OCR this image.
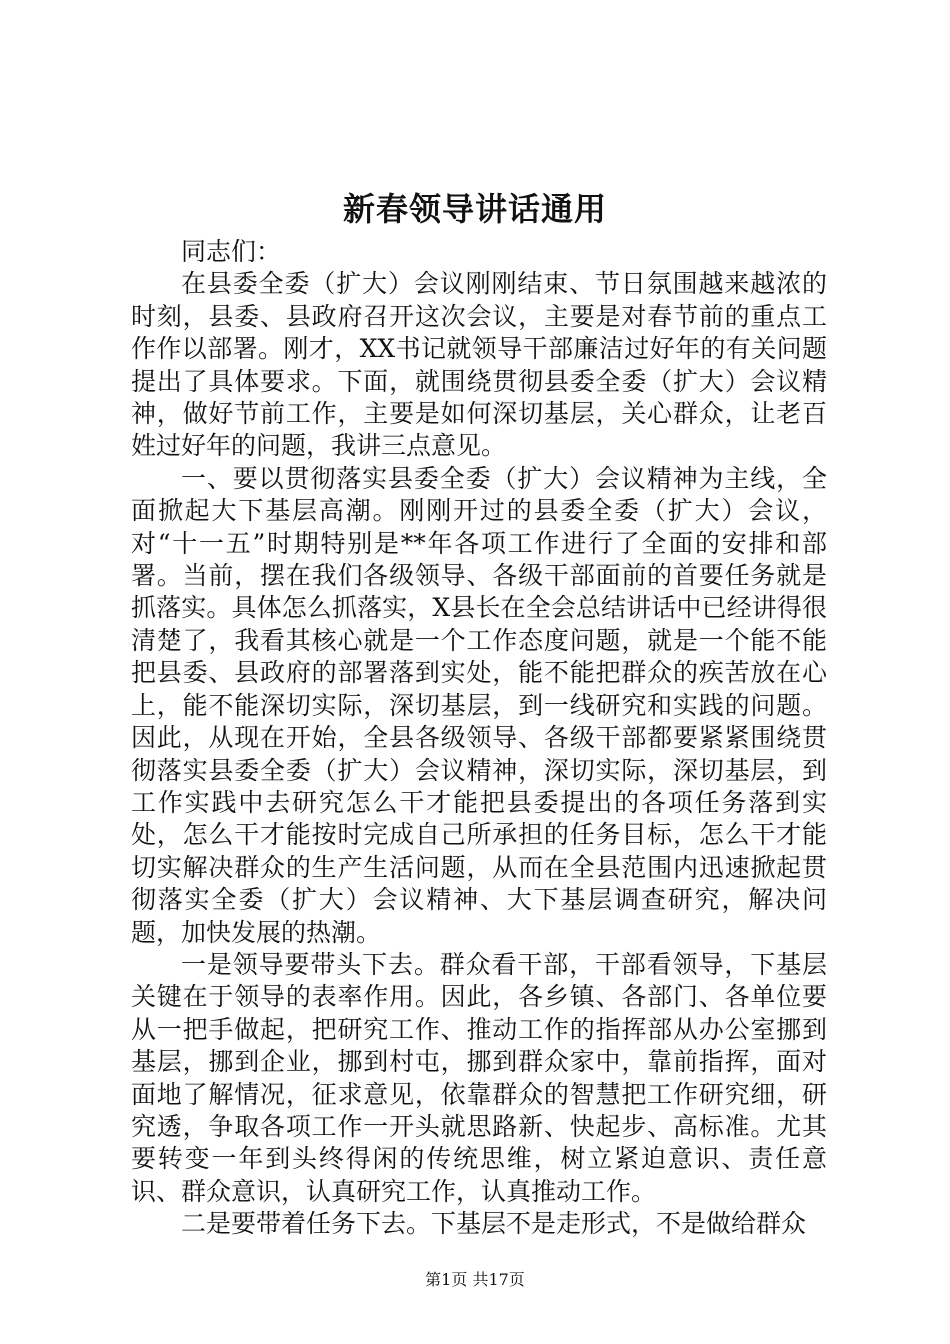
新春领导讲话通用

同志们：

在县委全委（扩大）会议刚刚结束、节日氛围越来越浓的时刻，县委、县政府召开这次会议，主要是对春节前的重点工作作以部署。刚才，XX书记就领导干部廉洁过好年的有关问题提出了具体要求。下面，就围绕贯彻县委全委（扩大）会议精神，做好节前工作，主要是如何深切基层，关心群众，让老百姓过好年的问题，我讲三点意见。

一、要以贯彻落实县委全委（扩大）会议精神为主线，全面掀起大下基层高潮。刚刚开过的县委全委（扩大）会议，对“十一五”时期特别是**年各项工作进行了全面的安排和部署。当前，摆在我们各级领导、各级干部面前的首要任务就是抓落实。具体怎么抓落实，X县长在全会总结讲话中已经讲得很清楚了，我看其核心就是一个工作态度问题，就是一个能不能把县委、县政府的部署落到实处，能不能把群众的疾苦放在心上，能不能深切实际，深切基层，到一线研究和实践的问题。因此，从现在开始，全县各级领导、各级干部都要紧紧围绕贯彻落实县委全委（扩大）会议精神，深切实际，深切基层，到工作实践中去研究怎么干才能把县委提出的各项任务落到实处，怎么干才能按时完成自己所承担的任务目标，怎么干才能切实解决群众的生产生活问题，从而在全县范围内迅速掀起贯彻落实全委（扩大）会议精神、大下基层调查研究，解决问题，加快发展的热潮。

一是领导要带头下去。群众看干部，干部看领导，下基层关键在于领导的表率作用。因此，各乡镇、各部门、各单位要从一把手做起，把研究工作、推动工作的指挥部从办公室挪到基层，挪到企业，挪到村屯，挪到群众家中，靠前指挥，面对面地了解情况，征求意见，依靠群众的智慧把工作研究细，研究透，争取各项工作一开头就思路新、快起步、高标准。尤其要转变一年到头终得闲的传统思维，树立紧迫意识、责任意识、群众意识，认真研究工作，认真推动工作。

二是要带着任务下去。下基层不是走形式，不是做给群众

第1页 共17页
